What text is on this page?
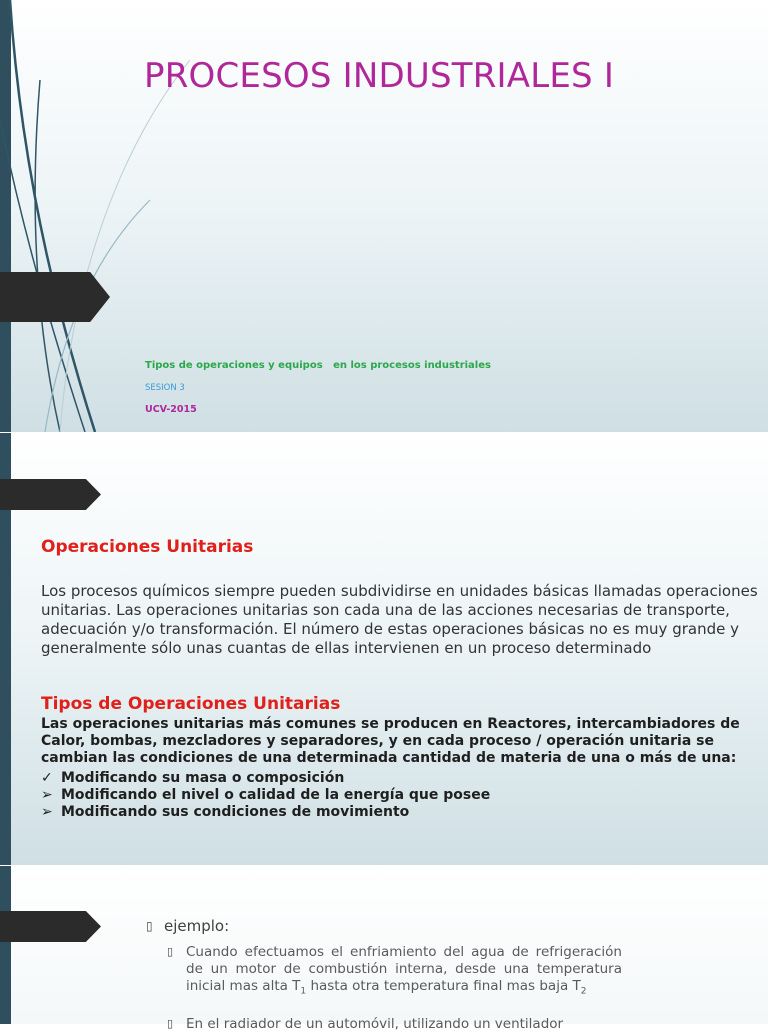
PROCESOS INDUSTRIALES I
Tipos de operaciones y equipos   en los procesos industriales
SESION 3
UCV-2015
Operaciones Unitarias

Los procesos químicos siempre pueden subdividirse en unidades básicas llamadas operaciones unitarias. Las operaciones unitarias son cada una de las acciones necesarias de transporte, adecuación y/o transformación. El número de estas operaciones básicas no es muy grande y generalmente sólo unas cuantas de ellas intervienen en un proceso determinado

Tipos de Operaciones Unitarias

Las operaciones unitarias más comunes se producen en Reactores, intercambiadores de Calor, bombas, mezcladores y separadores, y en cada proceso / operación unitaria se cambian las condiciones de una determinada cantidad de materia de una o más de una:

✓ Modificando su masa o composición
➢ Modificando el nivel o calidad de la energía que posee
➢ Modificando sus condiciones de movimiento
▯ ejemplo:
▯ Cuando efectuamos el enfriamiento del agua de refrigeración de un motor de combustión interna, desde una temperatura inicial mas alta $T_1$ hasta otra temperatura final mas baja $T_2$

▯ En el radiador de un automóvil, utilizando un ventilador
